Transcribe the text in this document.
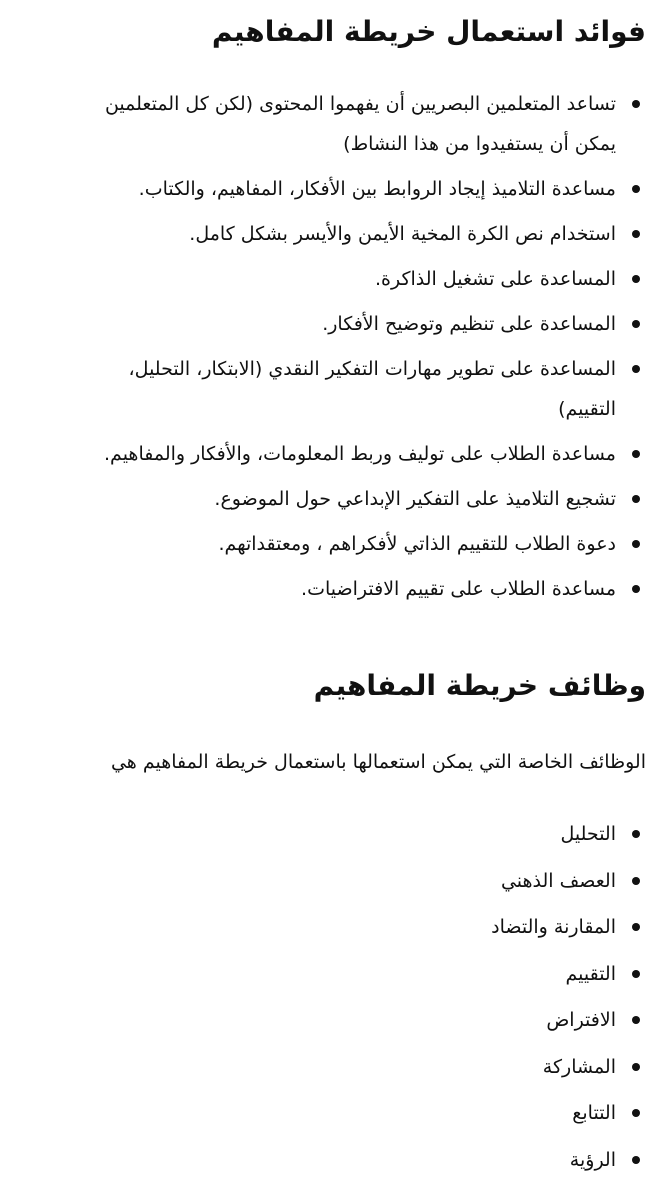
فوائد استعمال خريطة المفاهيم
تساعد المتعلمين البصريين أن يفهموا المحتوى (لكن كل المتعلمين يمكن أن يستفيدوا من هذا النشاط)
مساعدة التلاميذ إيجاد الروابط بين الأفكار، المفاهيم، والكتاب.
استخدام نص الكرة المخية الأيمن والأيسر بشكل كامل.
المساعدة على تشغيل الذاكرة.
المساعدة على تنظيم وتوضيح الأفكار.
المساعدة على تطوير مهارات التفكير النقدي (الابتكار، التحليل، التقييم)
مساعدة الطلاب على توليف وربط المعلومات، والأفكار والمفاهيم.
تشجيع التلاميذ على التفكير الإبداعي حول الموضوع.
دعوة الطلاب للتقييم الذاتي لأفكراهم ، ومعتقداتهم.
مساعدة الطلاب على تقييم الافتراضيات.
وظائف خريطة المفاهيم

الوظائف الخاصة التي يمكن استعمالها باستعمال خريطة المفاهيم هي

التحليل
العصف الذهني
المقارنة والتضاد
التقييم
الافتراض
المشاركة
التتابع
الرؤية
